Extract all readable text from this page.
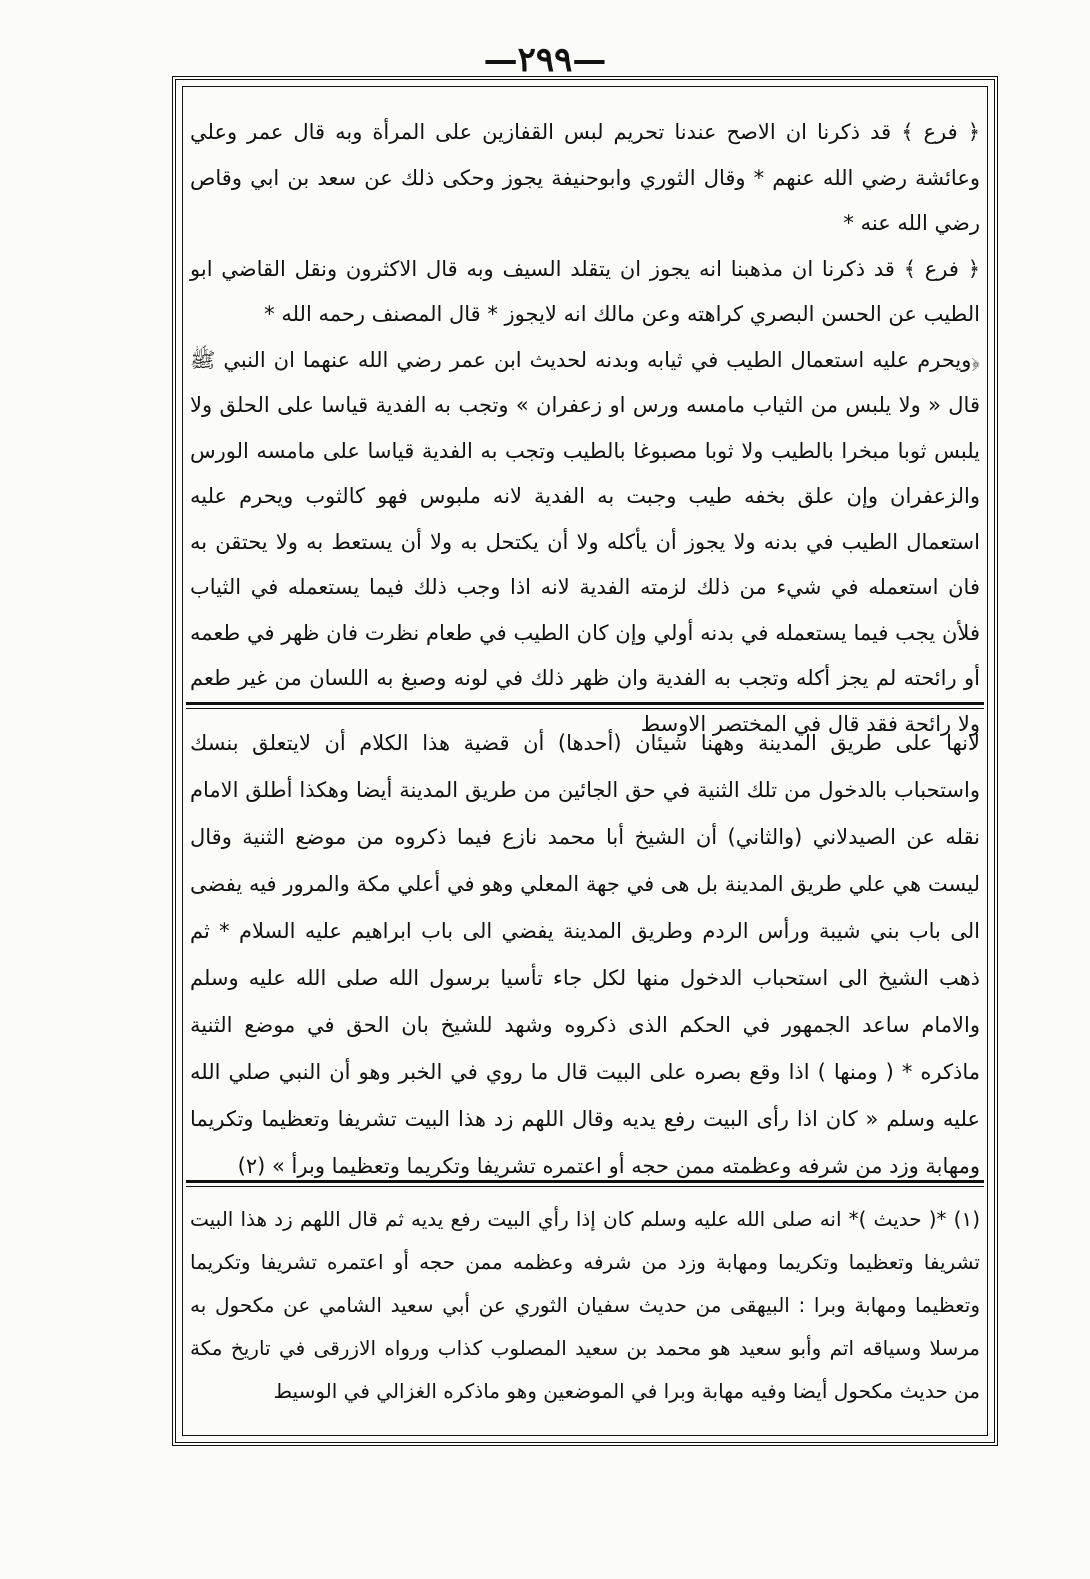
—٢٩٩—

﴿ فرع ﴾ قد ذكرنا ان الاصح عندنا تحريم لبس القفازين على المرأة وبه قال عمر وعلي وعائشة رضي الله عنهم * وقال الثوري وابوحنيفة يجوز وحكى ذلك عن سعد بن ابي وقاص رضي الله عنه *

﴿ فرع ﴾ قد ذكرنا ان مذهبنا انه يجوز ان يتقلد السيف وبه قال الاكثرون ونقل القاضي ابو الطيب عن الحسن البصري كراهته وعن مالك انه لايجوز * قال المصنف رحمه الله *

﴿ويحرم عليه استعمال الطيب في ثيابه وبدنه لحديث ابن عمر رضي الله عنهما ان النبي ﷺ قال « ولا يلبس من الثياب مامسه ورس او زعفران » وتجب به الفدية قياسا على الحلق ولا يلبس ثوبا مبخرا بالطيب ولا ثوبا مصبوغا بالطيب وتجب به الفدية قياسا على مامسه الورس والزعفران وإن علق بخفه طيب وجبت به الفدية لانه ملبوس فهو كالثوب ويحرم عليه استعمال الطيب في بدنه ولا يجوز أن يأكله ولا أن يكتحل به ولا أن يستعط به ولا يحتقن به فان استعمله في شيء من ذلك لزمته الفدية لانه اذا وجب ذلك فيما يستعمله في الثياب فلأن يجب فيما يستعمله في بدنه أولي وإن كان الطيب في طعام نظرت فان ظهر في طعمه أو رائحته لم يجز أكله وتجب به الفدية وان ظهر ذلك في لونه وصبغ به اللسان من غير طعم ولا رائحة فقد قال في المختصر الاوسط

لانها على طريق المدينة وههنا شيئان (أحدها) أن قضية هذا الكلام أن لايتعلق بنسك واستحباب بالدخول من تلك الثنية في حق الجائين من طريق المدينة أيضا وهكذا أطلق الامام نقله عن الصيدلاني (والثاني) أن الشيخ أبا محمد نازع فيما ذكروه من موضع الثنية وقال ليست هي علي طريق المدينة بل هى في جهة المعلي وهو في أعلي مكة والمرور فيه يفضى الى باب بني شيبة ورأس الردم وطريق المدينة يفضي الى باب ابراهيم عليه السلام * ثم ذهب الشيخ الى استحباب الدخول منها لكل جاء تأسيا برسول الله صلى الله عليه وسلم والامام ساعد الجمهور في الحكم الذى ذكروه وشهد للشيخ بان الحق في موضع الثنية ماذكره * ( ومنها ) اذا وقع بصره على البيت قال ما روي في الخبر وهو أن النبي صلي الله عليه وسلم « كان اذا رأى البيت رفع يديه وقال اللهم زد هذا البيت تشريفا وتعظيما وتكريما ومهابة وزد من شرفه وعظمته ممن حجه أو اعتمره تشريفا وتكريما وتعظيما وبرأ » (٢)

(١) *( حديث )* انه صلى الله عليه وسلم كان إذا رأي البيت رفع يديه ثم قال اللهم زد هذا البيت تشريفا وتعظيما وتكريما ومهابة وزد من شرفه وعظمه ممن حجه أو اعتمره تشريفا وتكريما وتعظيما ومهابة وبرا : البيهقى من حديث سفيان الثوري عن أبي سعيد الشامي عن مكحول به مرسلا وسياقه اتم وأبو سعيد هو محمد بن سعيد المصلوب كذاب ورواه الازرقى في تاريخ مكة من حديث مكحول أيضا وفيه مهابة وبرا في الموضعين وهو ماذكره الغزالي في الوسيط
